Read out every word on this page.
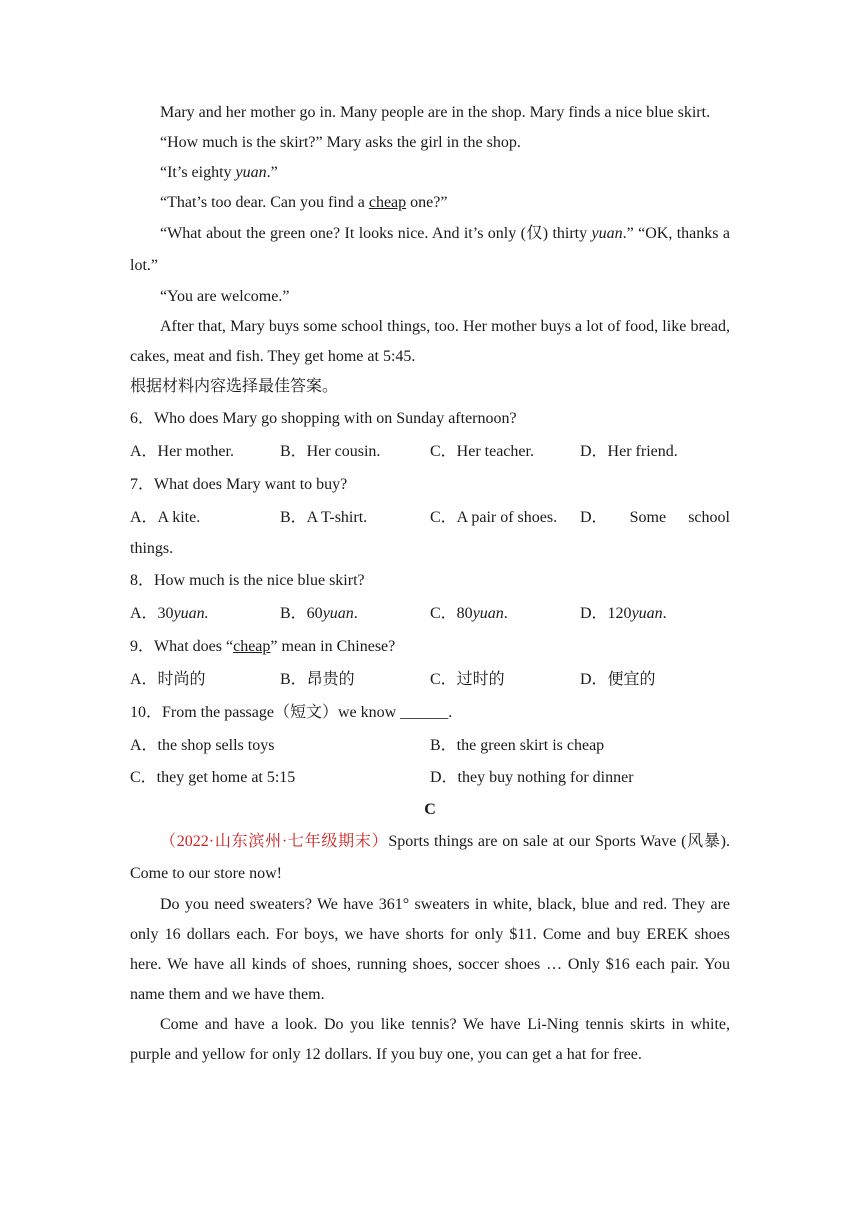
Mary and her mother go in. Many people are in the shop. Mary finds a nice blue skirt.

“How much is the skirt?” Mary asks the girl in the shop.

“It’s eighty yuan.”

“That’s too dear. Can you find a cheap one?”

“What about the green one? It looks nice. And it’s only (仅) thirty yuan.” “OK, thanks a lot.”

“You are welcome.”

After that, Mary buys some school things, too. Her mother buys a lot of food, like bread, cakes, meat and fish. They get home at 5:45.

根据材料内容选择最佳答案。

6．Who does Mary go shopping with on Sunday afternoon?

A．Her mother.	B．Her cousin.	C．Her teacher.	D．Her friend.

7．What does Mary want to buy?

A．A kite.	B．A T-shirt.	C．A pair of shoes.	D． Some school

things.

8．How much is the nice blue skirt?

A．30yuan.	B．60yuan.	C．80yuan.	D．120yuan.

9．What does “cheap” mean in Chinese?

A．时尚的	B．昂贵的	C．过时的	D．便宜的

10．From the passage（短文）we know ______.

A．the shop sells toys	B．the green skirt is cheap
C．they get home at 5:15	D．they buy nothing for dinner
C

（2022·山东滨州·七年级期末）Sports things are on sale at our Sports Wave (风暴). Come to our store now!

Do you need sweaters? We have 361° sweaters in white, black, blue and red. They are only 16 dollars each. For boys, we have shorts for only $11. Come and buy EREK shoes here. We have all kinds of shoes, running shoes, soccer shoes … Only $16 each pair. You name them and we have them.

Come and have a look. Do you like tennis? We have Li-Ning tennis skirts in white, purple and yellow for only 12 dollars. If you buy one, you can get a hat for free.
